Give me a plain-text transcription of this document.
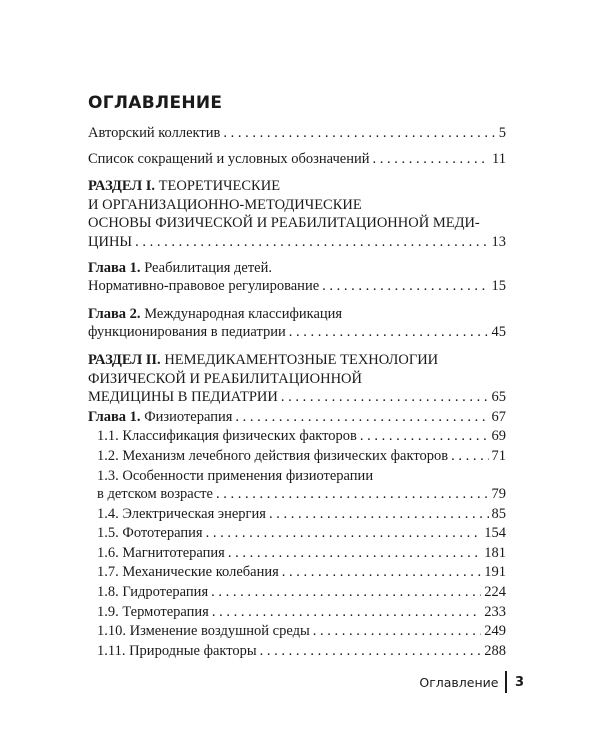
ОГЛАВЛЕНИЕ
Авторский коллектив . . .	5
Список сокращений и условных обозначений . . .	11
РАЗДЕЛ I. ТЕОРЕТИЧЕСКИЕ
И ОРГАНИЗАЦИОННО-МЕТОДИЧЕСКИЕ
ОСНОВЫ ФИЗИЧЕСКОЙ И РЕАБИЛИТАЦИОННОЙ МЕДИ-
ЦИНЫ . . .	13
Глава 1. Реабилитация детей.
Нормативно-правовое регулирование . . .	15
Глава 2. Международная классификация
функционирования в педиатрии . . .	45
РАЗДЕЛ II. НЕМЕДИКАМЕНТОЗНЫЕ ТЕХНОЛОГИИ
ФИЗИЧЕСКОЙ И РЕАБИЛИТАЦИОННОЙ
МЕДИЦИНЫ В ПЕДИАТРИИ . . .	65
Глава 1. Физиотерапия . . .	67
1.1. Классификация физических факторов . . .	69
1.2. Механизм лечебного действия физических факторов . . .	71
1.3. Особенности применения физиотерапии
в детском возрасте . . .	79
1.4. Электрическая энергия . . .	85
1.5. Фототерапия . . .	154
1.6. Магнитотерапия . . .	181
1.7. Механические колебания . . .	191
1.8. Гидротерапия . . .	224
1.9. Термотерапия . . .	233
1.10. Изменение воздушной среды . . .	249
1.11. Природные факторы . . .	288
Оглавление 3
